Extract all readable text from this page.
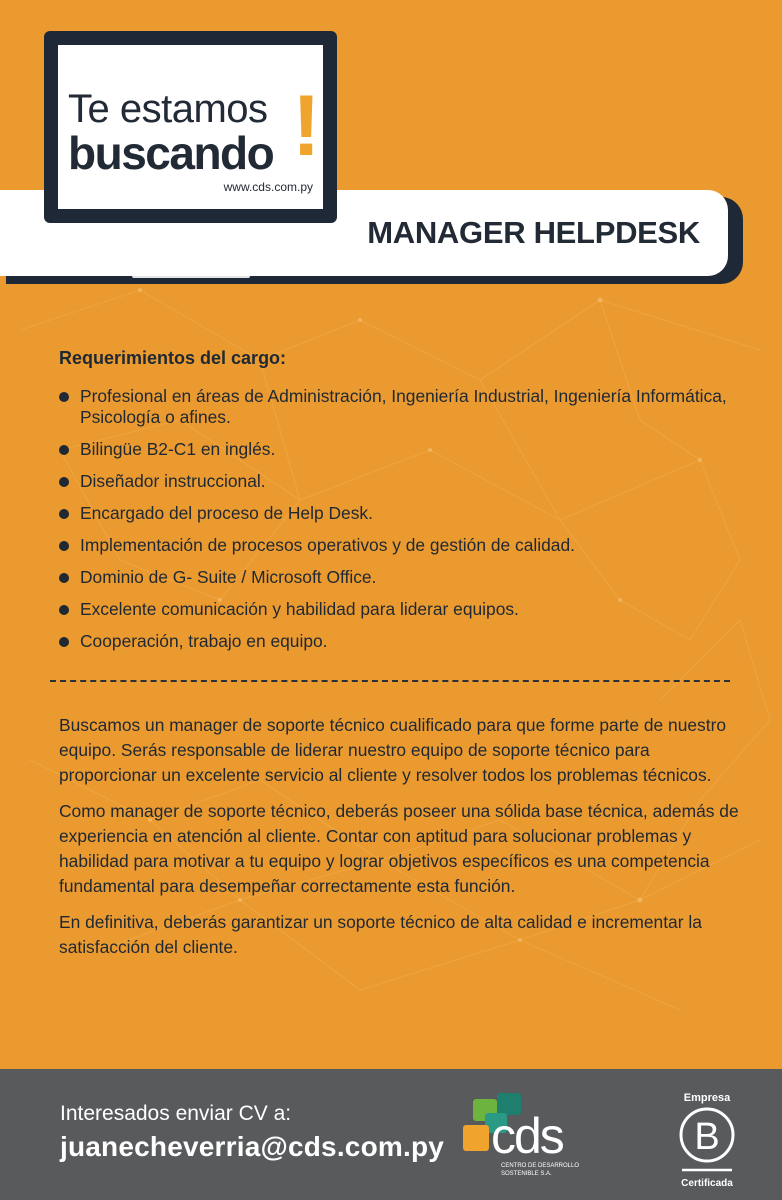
MANAGER HELPDESK
Te estamos
buscando !
www.cds.com.py
Requerimientos del cargo:
Profesional en áreas de Administración, Ingeniería Industrial, Ingeniería Informática, Psicología o afines.
Bilingüe B2-C1 en inglés.
Diseñador instruccional.
Encargado del proceso de Help Desk.
Implementación de procesos operativos y de gestión de calidad.
Dominio de G- Suite / Microsoft Office.
Excelente comunicación y habilidad para liderar equipos.
Cooperación, trabajo en equipo.

Buscamos un manager de soporte técnico cualificado para que forme parte de nuestro equipo. Serás responsable de liderar nuestro equipo de soporte técnico para proporcionar un excelente servicio al cliente y resolver todos los problemas técnicos.

Como manager de soporte técnico, deberás poseer una sólida base técnica, además de experiencia en atención al cliente. Contar con aptitud para solucionar problemas y habilidad para motivar a tu equipo y lograr objetivos específicos es una competencia fundamental para desempeñar correctamente esta función.

En definitiva, deberás garantizar un soporte técnico de alta calidad e incrementar la satisfacción del cliente.

Interesados enviar CV a:
juanecheverria@cds.com.py cds
CENTRO DE DESARROLLO
SOSTENIBLE S.A.
Empresa
B
Certificada
